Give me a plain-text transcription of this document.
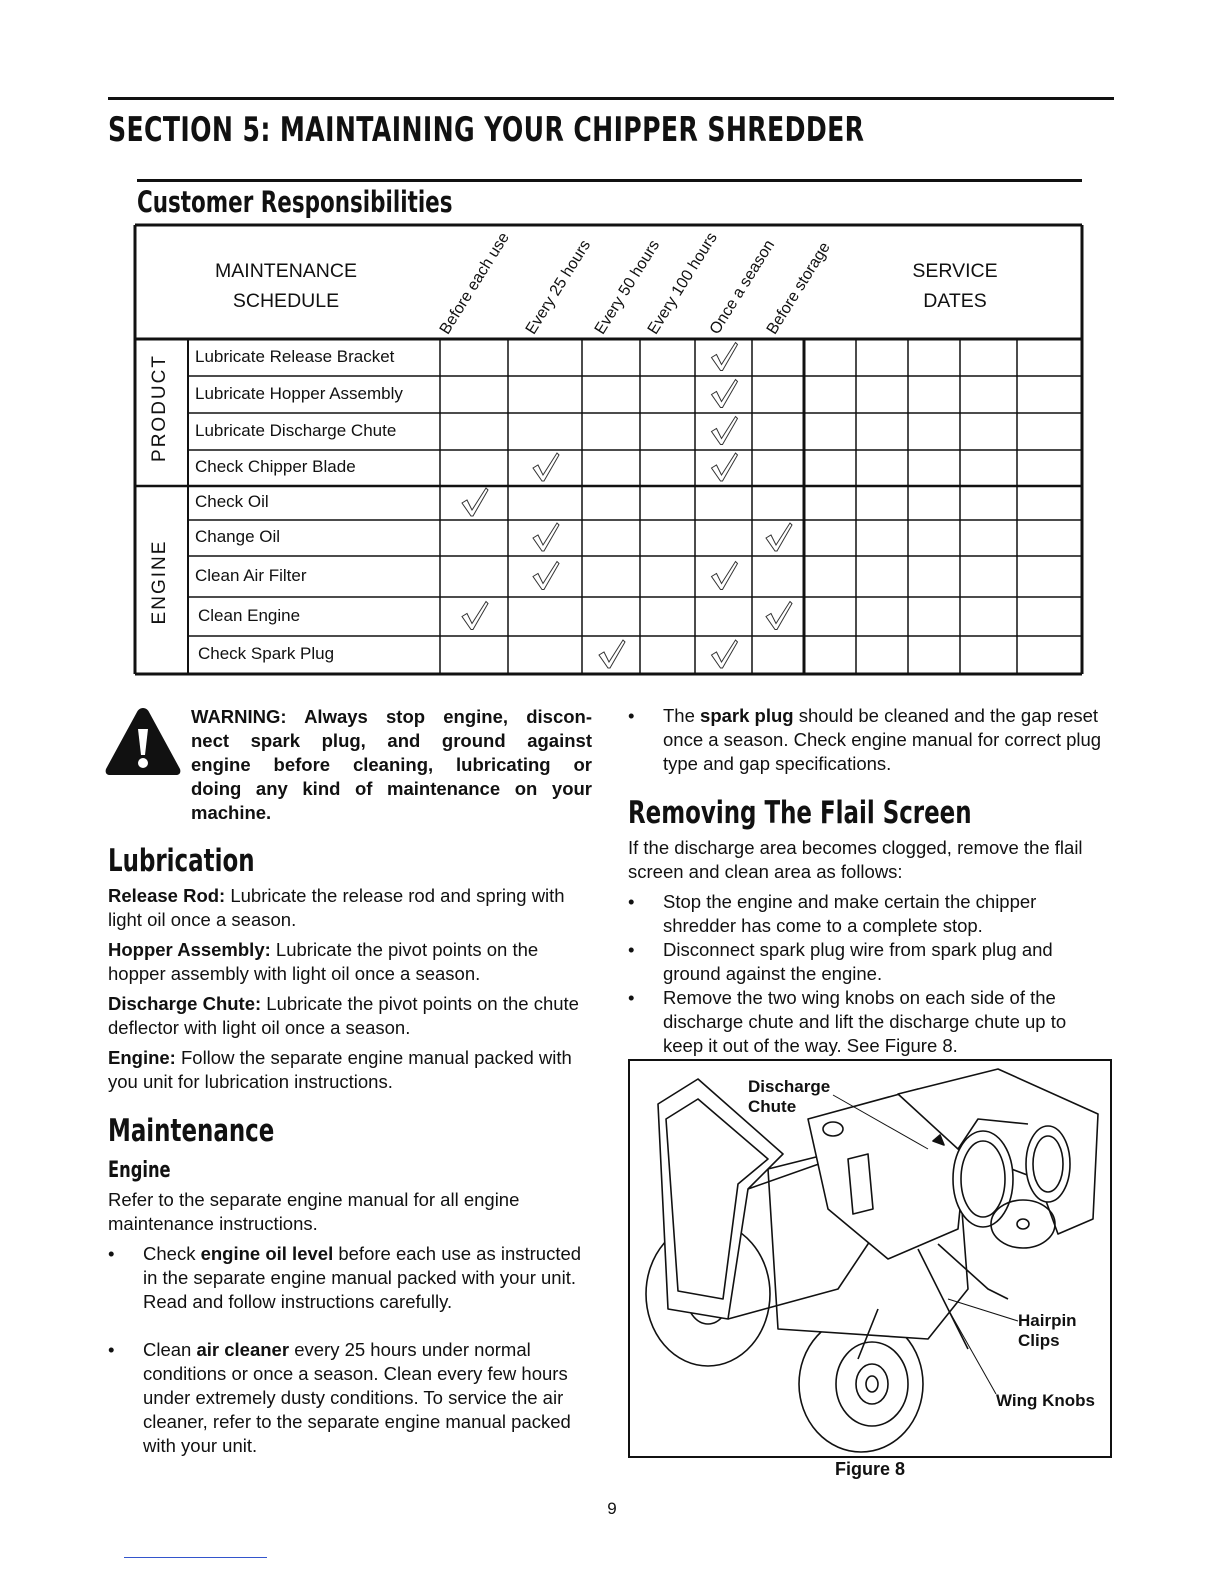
SECTION 5: MAINTAINING YOUR CHIPPER SHREDDER
Customer Responsibilities
MAINTENANCE
SCHEDULE
SERVICE
DATES
Before each use Every 25 hours
Every 50 hours
Every 100 hours
Once a season
Before storage
PRODUCT
ENGINE
Lubricate Release Bracket
Lubricate Hopper Assembly
Lubricate Discharge Chute
Check Chipper Blade
Check Oil
Change Oil
Clean Air Filter
Clean Engine
Check Spark Plug
WARNING: Always stop engine, discon-
nect spark plug, and ground against
engine before cleaning, lubricating or
doing any kind of maintenance on your
machine.
Lubrication
Release Rod: Lubricate the release rod and spring with light oil once a season.
Hopper Assembly: Lubricate the pivot points on the hopper assembly with light oil once a season.
Discharge Chute: Lubricate the pivot points on the chute deflector with light oil once a season.
Engine: Follow the separate engine manual packed with you unit for lubrication instructions.
Maintenance
Engine
Refer to the separate engine manual for all engine maintenance instructions.
• Check engine oil level before each use as instructed in the separate engine manual packed with your unit. Read and follow instructions carefully.
• Clean air cleaner every 25 hours under normal conditions or once a season. Clean every few hours under extremely dusty conditions. To service the air cleaner, refer to the separate engine manual packed with your unit.
• The spark plug should be cleaned and the gap reset once a season. Check engine manual for correct plug type and gap specifications.
Removing The Flail Screen
If the discharge area becomes clogged, remove the flail screen and clean area as follows:
• Stop the engine and make certain the chipper shredder has come to a complete stop.
• Disconnect spark plug wire from spark plug and ground against the engine.
• Remove the two wing knobs on each side of the discharge chute and lift the discharge chute up to keep it out of the way. See Figure 8.
Discharge Chute
Hairpin Clips
Wing Knobs
Figure 8
9
